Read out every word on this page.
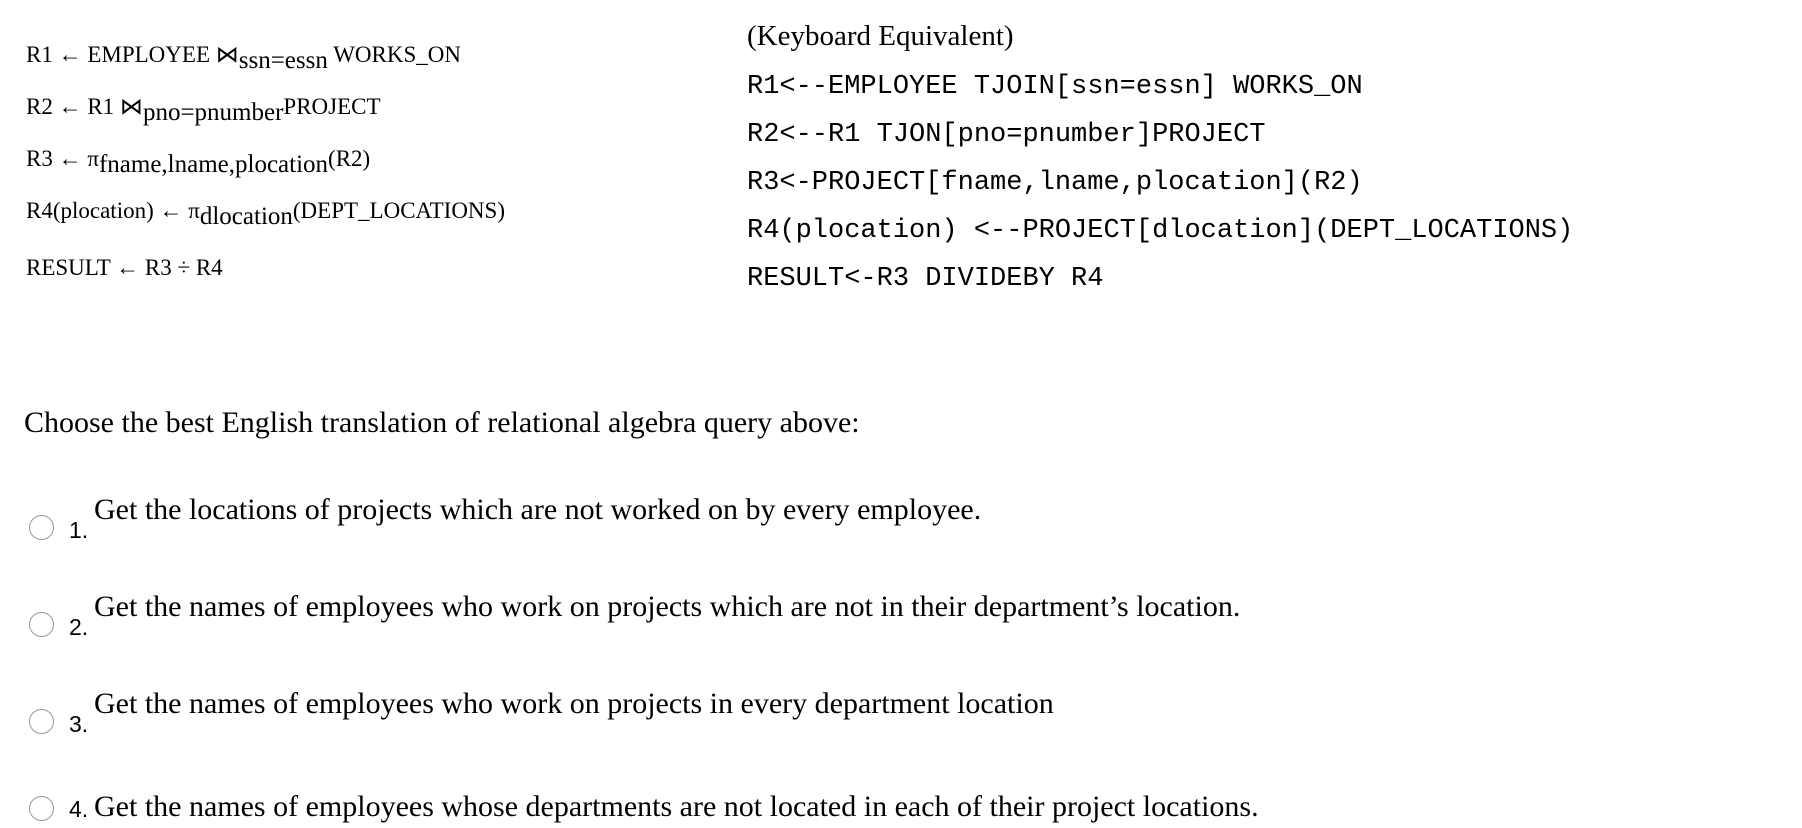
R1 ← EMPLOYEE ⋈ssn=essn WORKS_ON
R2 ← R1 ⋈pno=pnumberPROJECT
R3 ← πfname,lname,plocation(R2)
R4(plocation) ← πdlocation(DEPT_LOCATIONS)
RESULT ← R3 ÷ R4
(Keyboard Equivalent)
R1<--EMPLOYEE TJOIN[ssn=essn] WORKS_ON
R2<--R1 TJON[pno=pnumber]PROJECT
R3<-PROJECT[fname,lname,plocation](R2)
R4(plocation) <--PROJECT[dlocation](DEPT_LOCATIONS)
RESULT<-R3 DIVIDEBY R4
Choose the best English translation of relational algebra query above:
1.
Get the locations of projects which are not worked on by every employee.
2.
Get the names of employees who work on projects which are not in their department’s location.
3.
Get the names of employees who work on projects in every department location
4. Get the names of employees whose departments are not located in each of their project locations.
